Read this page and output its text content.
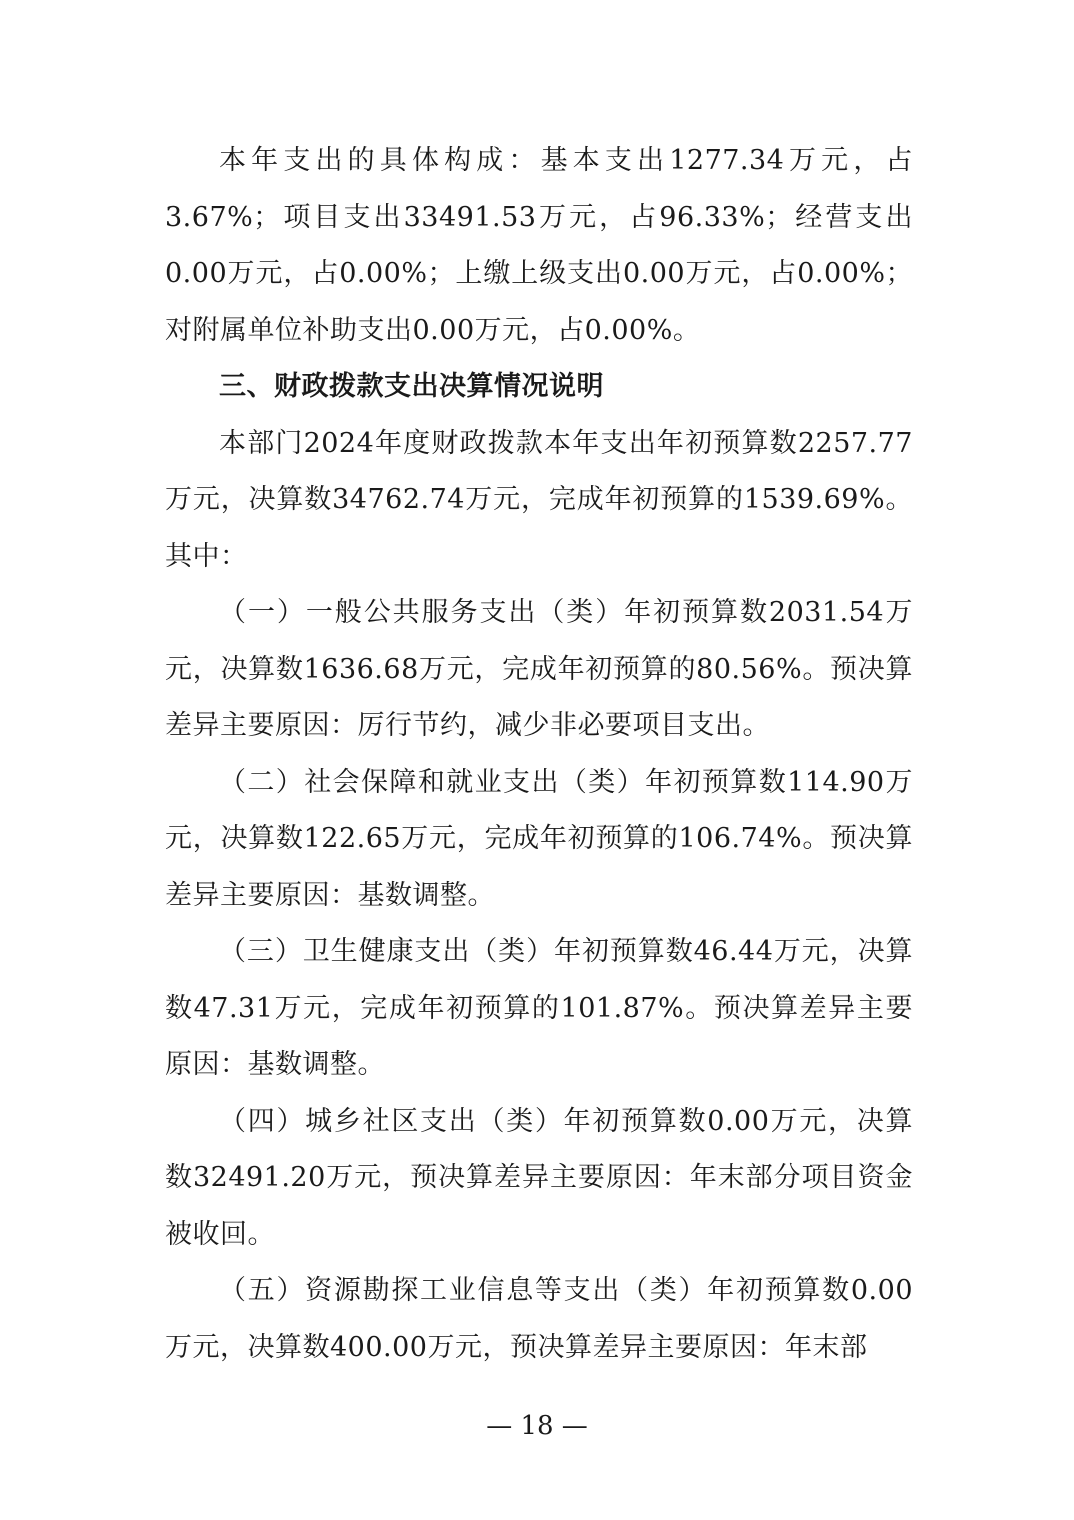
本年支出的具体构成：基本支出1277.34万元，占3.67%；项目支出33491.53万元，占96.33%；经营支出0.00万元，占0.00%；上缴上级支出0.00万元，占0.00%；对附属单位补助支出0.00万元，占0.00%。

三、财政拨款支出决算情况说明

本部门2024年度财政拨款本年支出年初预算数2257.77万元，决算数34762.74万元，完成年初预算的1539.69%。其中：

（一）一般公共服务支出（类）年初预算数2031.54万元，决算数1636.68万元，完成年初预算的80.56%。预决算差异主要原因：厉行节约，减少非必要项目支出。

（二）社会保障和就业支出（类）年初预算数114.90万元，决算数122.65万元，完成年初预算的106.74%。预决算差异主要原因：基数调整。

（三）卫生健康支出（类）年初预算数46.44万元，决算数47.31万元，完成年初预算的101.87%。预决算差异主要原因：基数调整。

（四）城乡社区支出（类）年初预算数0.00万元，决算数32491.20万元，预决算差异主要原因：年末部分项目资金被收回。

（五）资源勘探工业信息等支出（类）年初预算数0.00万元，决算数400.00万元，预决算差异主要原因：年末部

— 18 —
